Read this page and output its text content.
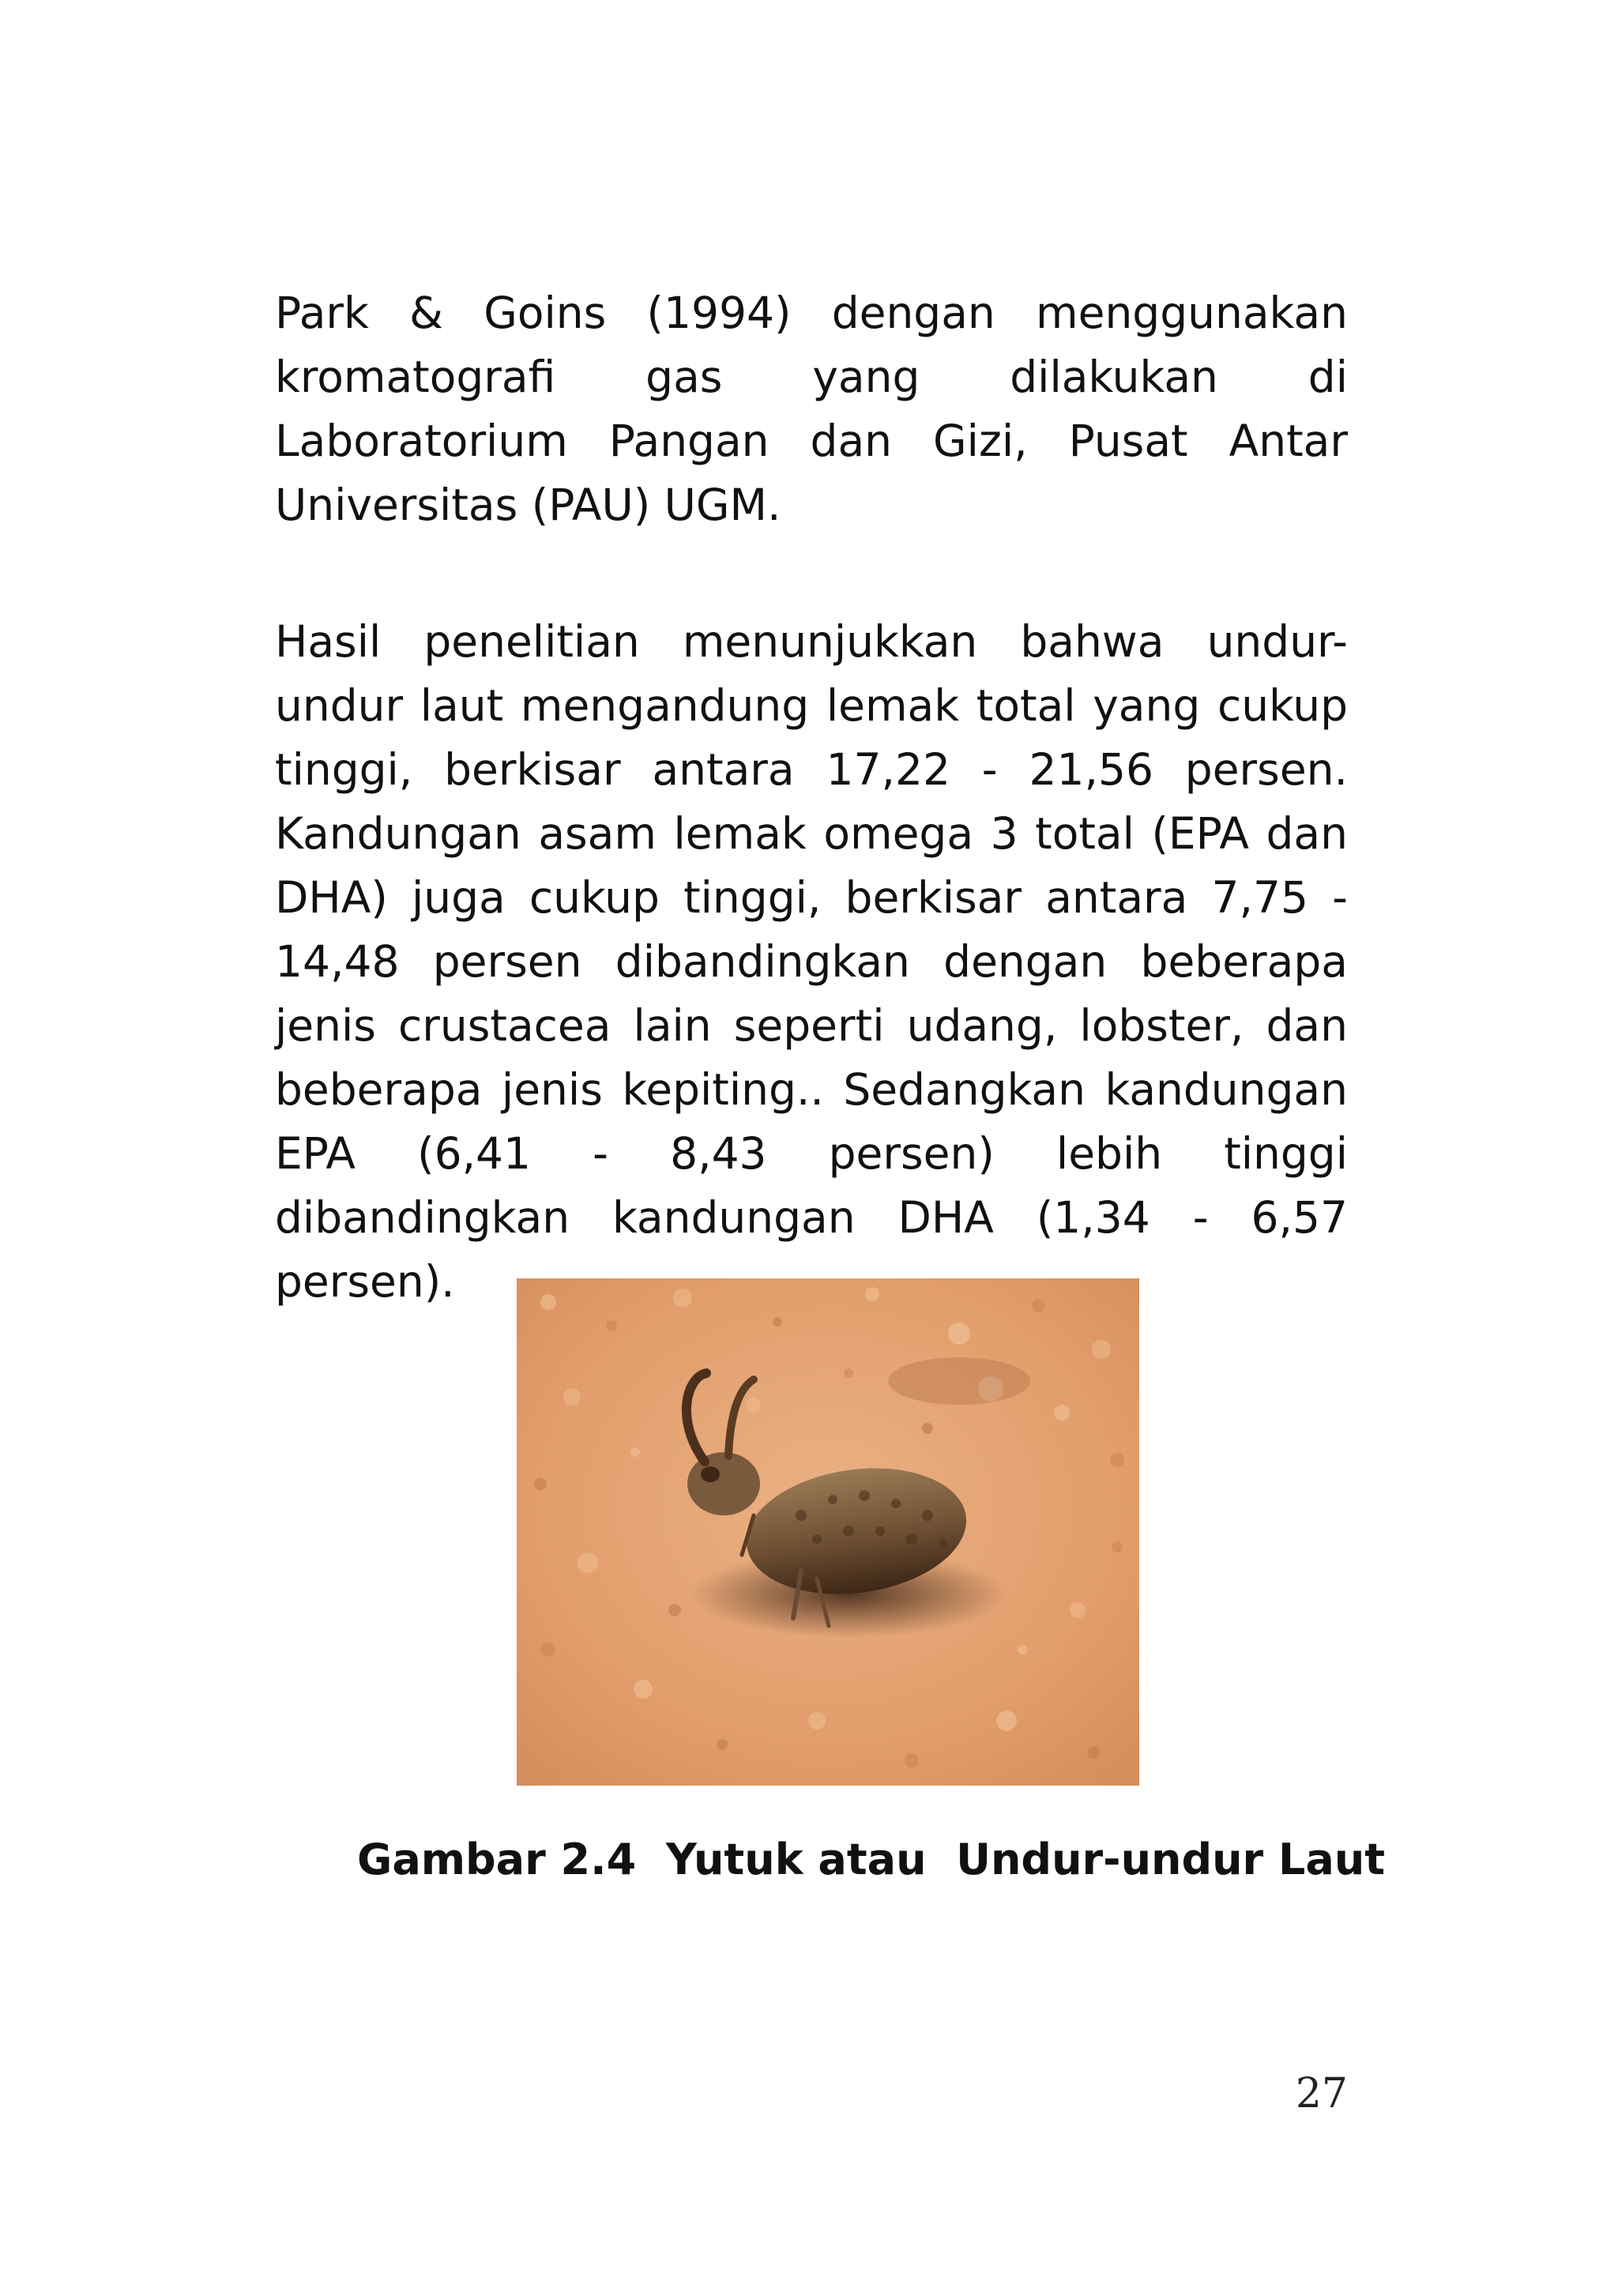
Park & Goins (1994) dengan menggunakan kromatografi gas yang dilakukan di Laboratorium Pangan dan Gizi, Pusat Antar Universitas (PAU) UGM.

Hasil penelitian menunjukkan bahwa undur-undur laut mengandung lemak total yang cukup tinggi, berkisar antara 17,22 - 21,56 persen. Kandungan asam lemak omega 3 total (EPA dan DHA) juga cukup tinggi, berkisar antara 7,75 - 14,48 persen dibandingkan dengan beberapa jenis crustacea lain seperti udang, lobster, dan beberapa jenis kepiting.. Sedangkan kandungan EPA (6,41 - 8,43 persen) lebih tinggi dibandingkan kandungan DHA (1,34 - 6,57 persen).

Gambar 2.4  Yutuk atau  Undur-undur Laut

27
